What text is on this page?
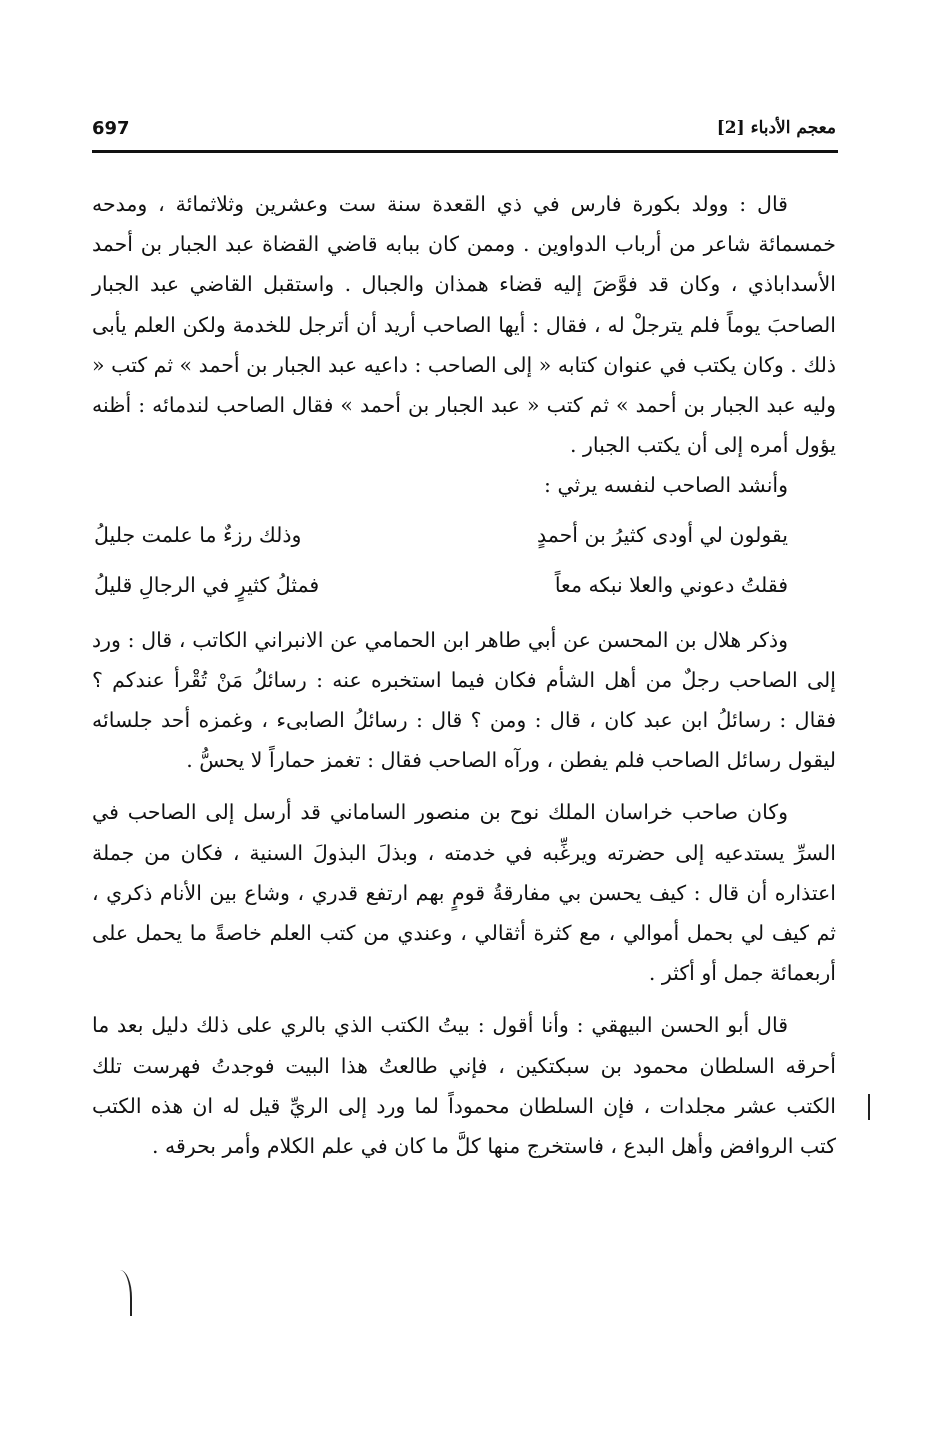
معجم الأدباء [2]
697

قال : وولد بكورة فارس في ذي القعدة سنة ست وعشرين وثلاثمائة ، ومدحه خمسمائة شاعر من أرباب الدواوين . وممن كان ببابه قاضي القضاة عبد الجبار بن أحمد الأسداباذي ، وكان قد فوَّضَ إليه قضاء همذان والجبال . واستقبل القاضي عبد الجبار الصاحبَ يوماً فلم يترجلْ له ، فقال : أيها الصاحب أريد أن أترجل للخدمة ولكن العلم يأبى ذلك . وكان يكتب في عنوان كتابه « إلى الصاحب : داعيه عبد الجبار بن أحمد » ثم كتب « وليه عبد الجبار بن أحمد » ثم كتب « عبد الجبار بن أحمد » فقال الصاحب لندمائه : أظنه يؤول أمره إلى أن يكتب الجبار .

وأنشد الصاحب لنفسه يرثي :

يقولون لي أودى كثيرُ بن أحمدٍ
وذلك رزءٌ ما علمت جليلُ
فقلتُ دعوني والعلا نبكه معاً
فمثلُ كثيرٍ في الرجالِ قليلُ

وذكر هلال بن المحسن عن أبي طاهر ابن الحمامي عن الانبراني الكاتب ، قال : ورد إلى الصاحب رجلٌ من أهل الشأم فكان فيما استخبره عنه : رسائلُ مَنْ تُقْرأ عندكم ؟ فقال : رسائلُ ابن عبد كان ، قال : ومن ؟ قال : رسائلُ الصابىء ، وغمزه أحد جلسائه ليقول رسائل الصاحب فلم يفطن ، ورآه الصاحب فقال : تغمز حماراً لا يحسُّ .

وكان صاحب خراسان الملك نوح بن منصور الساماني قد أرسل إلى الصاحب في السرِّ يستدعيه إلى حضرته ويرغِّبه في خدمته ، وبذلَ البذولَ السنية ، فكان من جملة اعتذاره أن قال : كيف يحسن بي مفارقةُ قومٍ بهم ارتفع قدري ، وشاع بين الأنام ذكري ، ثم كيف لي بحمل أموالي ، مع كثرة أثقالي ، وعندي من كتب العلم خاصةً ما يحمل على أربعمائة جمل أو أكثر .

قال أبو الحسن البيهقي : وأنا أقول : بيتُ الكتب الذي بالري على ذلك دليل بعد ما أحرقه السلطان محمود بن سبكتكين ، فإني طالعتُ هذا البيت فوجدتُ فهرست تلك الكتب عشر مجلدات ، فإن السلطان محموداً لما ورد إلى الريِّ قيل له ان هذه الكتب كتب الروافض وأهل البدع ، فاستخرج منها كلَّ ما كان في علم الكلام وأمر بحرقه .
